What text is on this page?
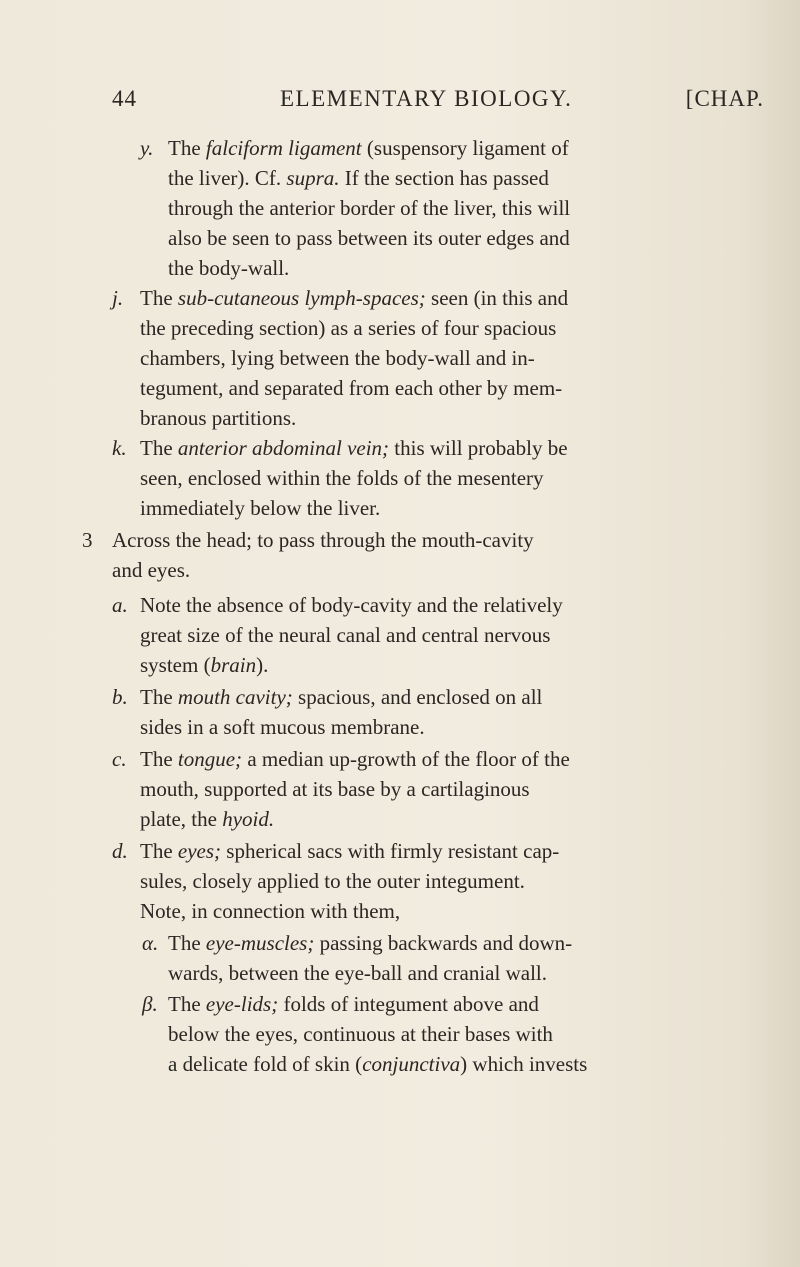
44	ELEMENTARY BIOLOGY.	[CHAP.
y. The falciform ligament (suspensory ligament of
the liver). Cf. supra. If the section has passed
through the anterior border of the liver, this will
also be seen to pass between its outer edges and
the body-wall.
j. The sub-cutaneous lymph-spaces; seen (in this and
the preceding section) as a series of four spacious
chambers, lying between the body-wall and in-
tegument, and separated from each other by mem-
branous partitions.
k. The anterior abdominal vein; this will probably be
seen, enclosed within the folds of the mesentery
immediately below the liver.
3 Across the head; to pass through the mouth-cavity
and eyes.
a. Note the absence of body-cavity and the relatively
great size of the neural canal and central nervous
system (brain).
b. The mouth cavity; spacious, and enclosed on all
sides in a soft mucous membrane.
c. The tongue; a median up-growth of the floor of the
mouth, supported at its base by a cartilaginous
plate, the hyoid.
d. The eyes; spherical sacs with firmly resistant cap-
sules, closely applied to the outer integument.
Note, in connection with them,
α. The eye-muscles; passing backwards and down-
wards, between the eye-ball and cranial wall.
β. The eye-lids; folds of integument above and
below the eyes, continuous at their bases with
a delicate fold of skin (conjunctiva) which invests
